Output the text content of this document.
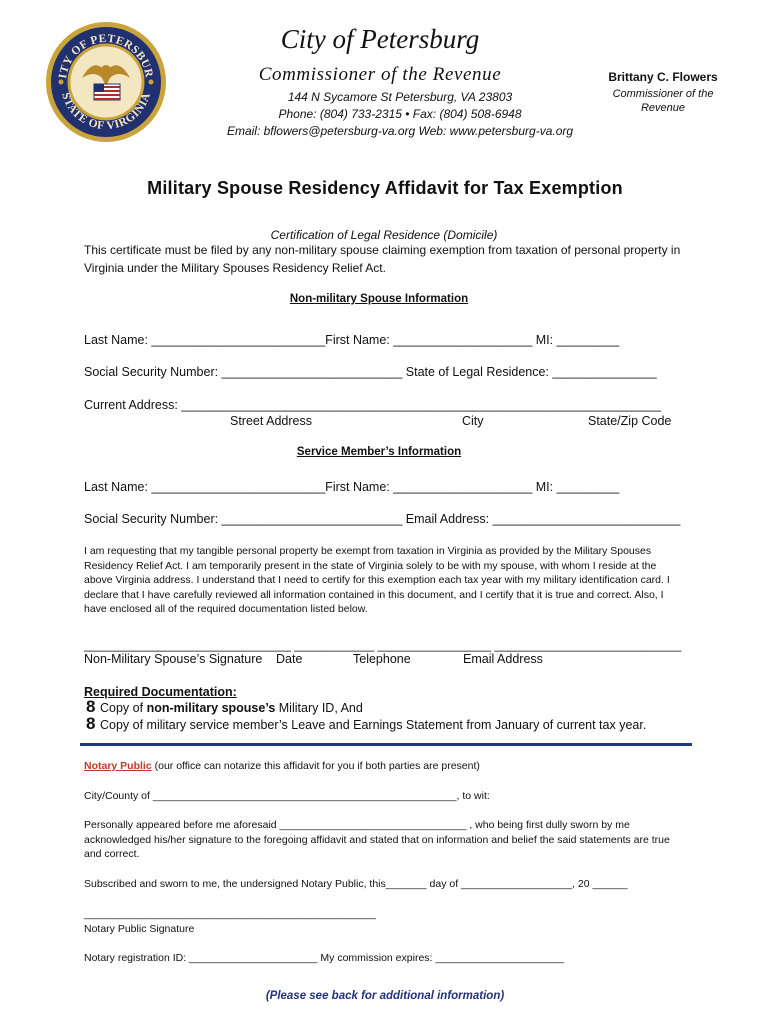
ITY OF PETERSBUR
STATE OF VIRGINIA
City of Petersburg
Commissioner of the Revenue
144 N Sycamore St Petersburg, VA 23803
Phone: (804) 733-2315 • Fax: (804) 508-6948
Email: bflowers@petersburg-va.org Web: www.petersburg-va.org
Brittany C. Flowers
Commissioner of the Revenue
Military Spouse Residency Affidavit for Tax Exemption
Certification of Legal Residence (Domicile)
This certificate must be filed by any non-military spouse claiming exemption from taxation of personal property in
Virginia under the Military Spouses Residency Relief Act.
Non-military Spouse Information
Last Name: _________________________First Name: ____________________ MI: _________
Social Security Number: __________________________ State of Legal Residence: _______________
Current Address: _____________________________________________________________________
Street Address	City	State/Zip Code
Service Member’s Information
Last Name: _________________________First Name: ____________________ MI: _________
Social Security Number: __________________________ Email Address: ___________________________
I am requesting that my tangible personal property be exempt from taxation in Virginia as provided by the Military Spouses
Residency Relief Act. I am temporarily present in the state of Virginia solely to be with my spouse, with whom I reside at the
above Virginia address. I understand that I need to certify for this exemption each tax year with my military identification card. I
declare that I have carefully reviewed all information contained in this document, and I certify that it is true and correct. Also, I
have enclosed all of the required documentation listed below.
_______________________________ ____________ _________________ ____________________________
Non-Military Spouse’s Signature Date	Telephone	Email Address
Required Documentation:
8 Copy of non-military spouse’s Military ID, And
8 Copy of military service member’s Leave and Earnings Statement from January of current tax year.
Notary Public (our office can notarize this affidavit for you if both parties are present)
City/County of ____________________________________________________, to wit:
Personally appeared before me aforesaid ________________________________ , who being first dully sworn by me
acknowledged his/her signature to the foregoing affidavit and stated that on information and belief the said statements are true
and correct.
Subscribed and sworn to me, the undersigned Notary Public, this_______ day of ___________________, 20 ______
__________________________________________________
Notary Public Signature
Notary registration ID: ______________________ My commission expires: ______________________
(Please see back for additional information)
